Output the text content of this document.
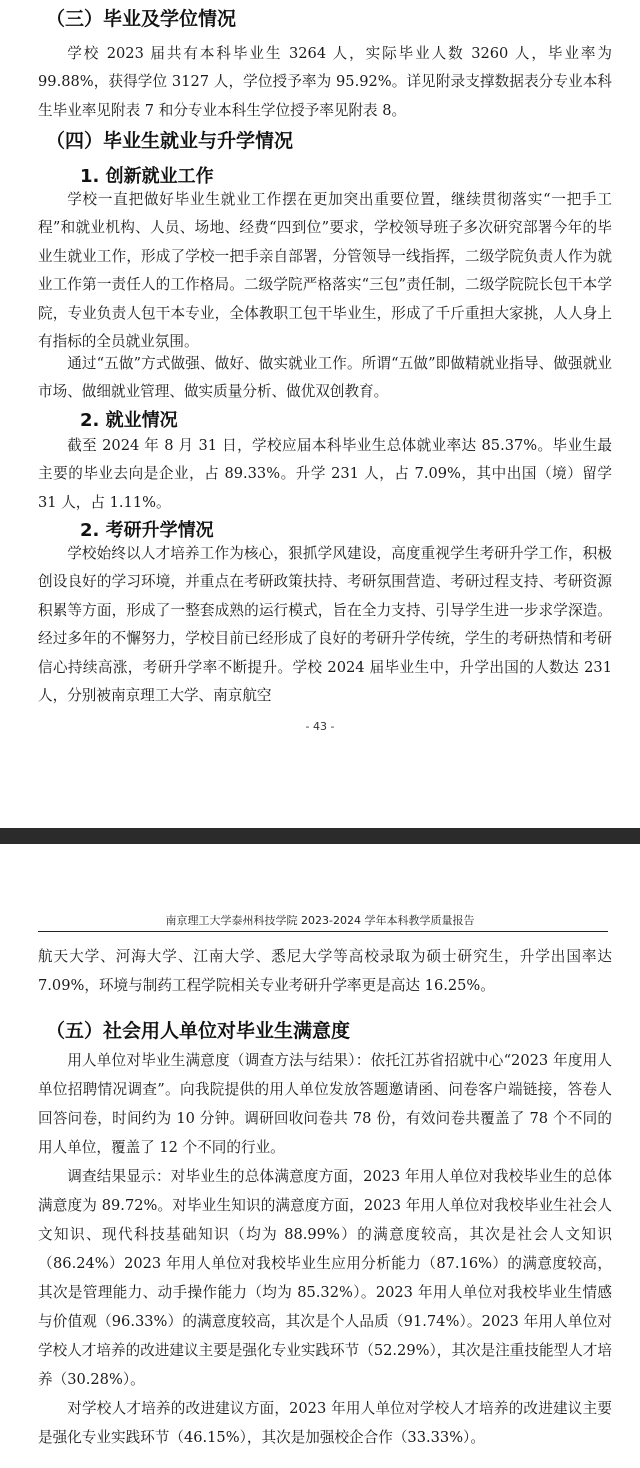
（三）毕业及学位情况

学校 2023 届共有本科毕业生 3264 人，实际毕业人数 3260 人，毕业率为 99.88%，获得学位 3127 人，学位授予率为 95.92%。详见附录支撑数据表分专业本科生毕业率见附表 7 和分专业本科生学位授予率见附表 8。

（四）毕业生就业与升学情况
1. 创新就业工作

学校一直把做好毕业生就业工作摆在更加突出重要位置，继续贯彻落实“一把手工程”和就业机构、人员、场地、经费“四到位”要求，学校领导班子多次研究部署今年的毕业生就业工作，形成了学校一把手亲自部署，分管领导一线指挥，二级学院负责人作为就业工作第一责任人的工作格局。二级学院严格落实“三包”责任制，二级学院院长包干本学院，专业负责人包干本专业，全体教职工包干毕业生，形成了千斤重担大家挑，人人身上有指标的全员就业氛围。

通过“五做”方式做强、做好、做实就业工作。所谓“五做”即做精就业指导、做强就业市场、做细就业管理、做实质量分析、做优双创教育。

2. 就业情况

截至 2024 年 8 月 31 日，学校应届本科毕业生总体就业率达 85.37%。毕业生最主要的毕业去向是企业，占 89.33%。升学 231 人，占 7.09%，其中出国（境）留学 31 人，占 1.11%。

2. 考研升学情况

学校始终以人才培养工作为核心，狠抓学风建设，高度重视学生考研升学工作，积极创设良好的学习环境，并重点在考研政策扶持、考研氛围营造、考研过程支持、考研资源积累等方面，形成了一整套成熟的运行模式，旨在全力支持、引导学生进一步求学深造。经过多年的不懈努力，学校目前已经形成了良好的考研升学传统，学生的考研热情和考研信心持续高涨，考研升学率不断提升。学校 2024 届毕业生中，升学出国的人数达 231 人，分别被南京理工大学、南京航空

- 43 -
南京理工大学泰州科技学院 2023-2024 学年本科教学质量报告

航天大学、河海大学、江南大学、悉尼大学等高校录取为硕士研究生，升学出国率达 7.09%，环境与制药工程学院相关专业考研升学率更是高达 16.25%。

（五）社会用人单位对毕业生满意度

用人单位对毕业生满意度（调查方法与结果）：依托江苏省招就中心“2023 年度用人单位招聘情况调查”。向我院提供的用人单位发放答题邀请函、问卷客户端链接，答卷人回答问卷，时间约为 10 分钟。调研回收问卷共 78 份，有效问卷共覆盖了 78 个不同的用人单位，覆盖了 12 个不同的行业。

调查结果显示：对毕业生的总体满意度方面，2023 年用人单位对我校毕业生的总体满意度为 89.72%。对毕业生知识的满意度方面，2023 年用人单位对我校毕业生社会人文知识、现代科技基础知识（均为 88.99%）的满意度较高，其次是社会人文知识（86.24%）2023 年用人单位对我校毕业生应用分析能力（87.16%）的满意度较高，其次是管理能力、动手操作能力（均为 85.32%）。2023 年用人单位对我校毕业生情感与价值观（96.33%）的满意度较高，其次是个人品质（91.74%）。2023 年用人单位对学校人才培养的改进建议主要是强化专业实践环节（52.29%），其次是注重技能型人才培养（30.28%）。

对学校人才培养的改进建议方面，2023 年用人单位对学校人才培养的改进建议主要是强化专业实践环节（46.15%），其次是加强校企合作（33.33%）。
